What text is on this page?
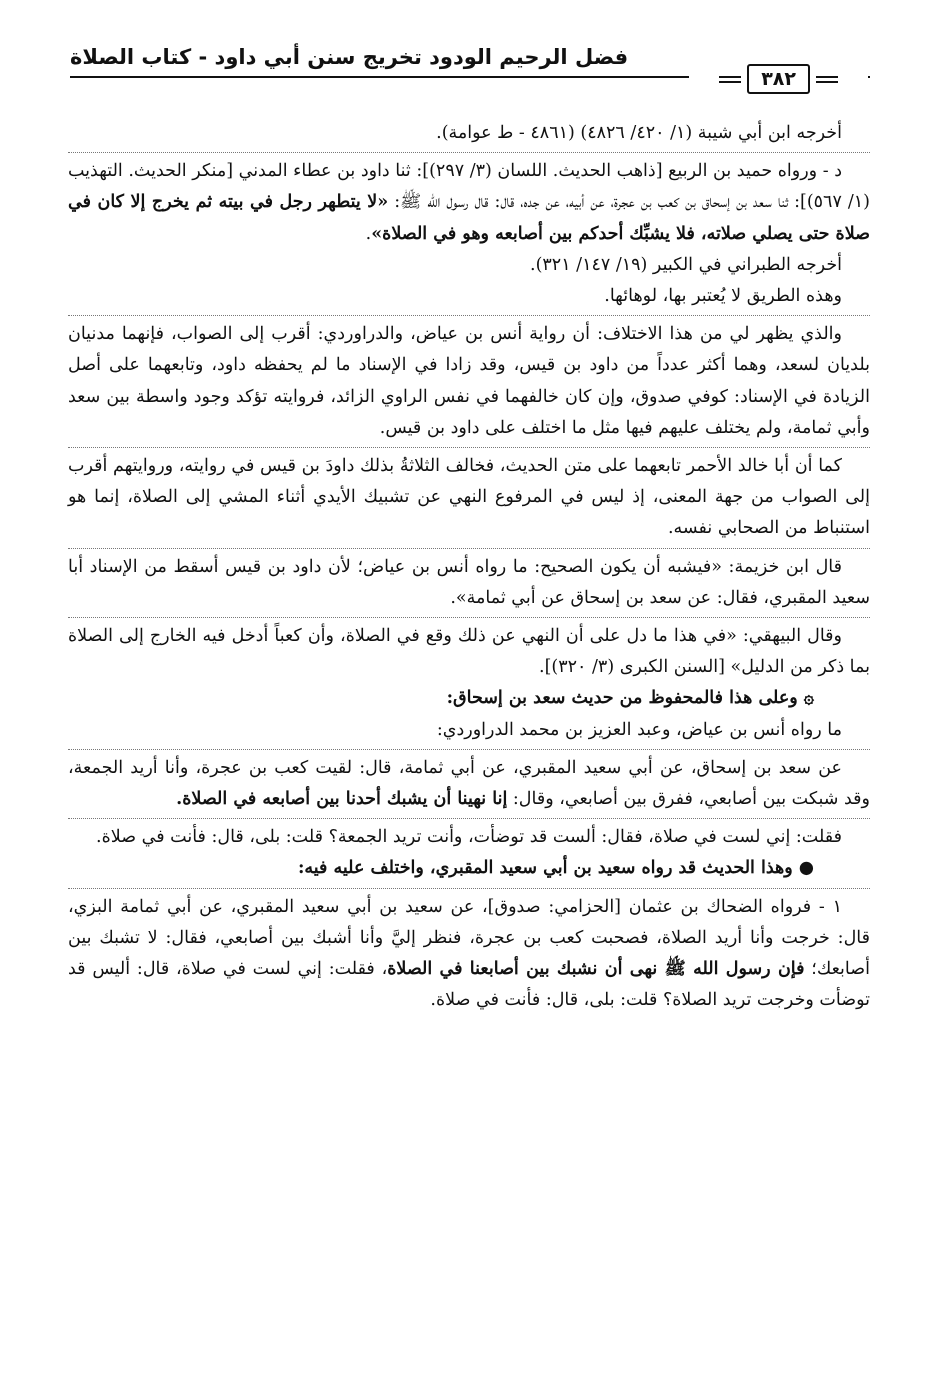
فضل الرحيم الودود تخريج سنن أبي داود - كتاب الصلاة
٣٨٢

أخرجه ابن أبي شيبة (١/ ٤٢٠/ ٤٨٢٦) (٤٨٦١ - ط عوامة).

د - ورواه حميد بن الربيع [ذاهب الحديث. اللسان (٣/ ٢٩٧)]: ثنا داود بن عطاء المدني [منكر الحديث. التهذيب (١/ ٥٦٧)]: ثنا سعد بن إسحاق بن كعب بن عجرة، عن أبيه، عن جده، قال: قال رسول الله ﷺ: «لا يتطهر رجل في بيته ثم يخرج إلا كان في صلاة حتى يصلي صلاته، فلا يشبِّك أحدكم بين أصابعه وهو في الصلاة».

أخرجه الطبراني في الكبير (١٩/ ١٤٧/ ٣٢١).

وهذه الطريق لا يُعتبر بها، لوهائها.

والذي يظهر لي من هذا الاختلاف: أن رواية أنس بن عياض، والدراوردي: أقرب إلى الصواب، فإنهما مدنيان بلديان لسعد، وهما أكثر عدداً من داود بن قيس، وقد زادا في الإسناد ما لم يحفظه داود، وتابعهما على أصل الزيادة في الإسناد: كوفي صدوق، وإن كان خالفهما في نفس الراوي الزائد، فروايته تؤكد وجود واسطة بين سعد وأبي ثمامة، ولم يختلف عليهم فيها مثل ما اختلف على داود بن قيس.

كما أن أبا خالد الأحمر تابعهما على متن الحديث، فخالف الثلاثةُ بذلك داودَ بن قيس في روايته، وروايتهم أقرب إلى الصواب من جهة المعنى، إذ ليس في المرفوع النهي عن تشبيك الأيدي أثناء المشي إلى الصلاة، إنما هو استنباط من الصحابي نفسه.

قال ابن خزيمة: «فيشبه أن يكون الصحيح: ما رواه أنس بن عياض؛ لأن داود بن قيس أسقط من الإسناد أبا سعيد المقبري، فقال: عن سعد بن إسحاق عن أبي ثمامة».

وقال البيهقي: «في هذا ما دل على أن النهي عن ذلك وقع في الصلاة، وأن كعباً أدخل فيه الخارج إلى الصلاة بما ذكر من الدليل» [السنن الكبرى (٣/ ٣٢٠)].

۞وعلى هذا فالمحفوظ من حديث سعد بن إسحاق:

ما رواه أنس بن عياض، وعبد العزيز بن محمد الدراوردي:

عن سعد بن إسحاق، عن أبي سعيد المقبري، عن أبي ثمامة، قال: لقيت كعب بن عجرة، وأنا أريد الجمعة، وقد شبكت بين أصابعي، ففرق بين أصابعي، وقال: إنا نهينا أن يشبك أحدنا بين أصابعه في الصلاة.

فقلت: إني لست في صلاة، فقال: ألست قد توضأت، وأنت تريد الجمعة؟ قلت: بلى، قال: فأنت في صلاة.

●وهذا الحديث قد رواه سعيد بن أبي سعيد المقبري، واختلف عليه فيه:

١ - فرواه الضحاك بن عثمان [الحزامي: صدوق]، عن سعيد بن أبي سعيد المقبري، عن أبي ثمامة البزي، قال: خرجت وأنا أريد الصلاة، فصحبت كعب بن عجرة، فنظر إليَّ وأنا أشبك بين أصابعي، فقال: لا تشبك بين أصابعك؛ فإن رسول الله ﷺ نهى أن نشبك بين أصابعنا في الصلاة، فقلت: إني لست في صلاة، قال: أليس قد توضأت وخرجت تريد الصلاة؟ قلت: بلى، قال: فأنت في صلاة.
